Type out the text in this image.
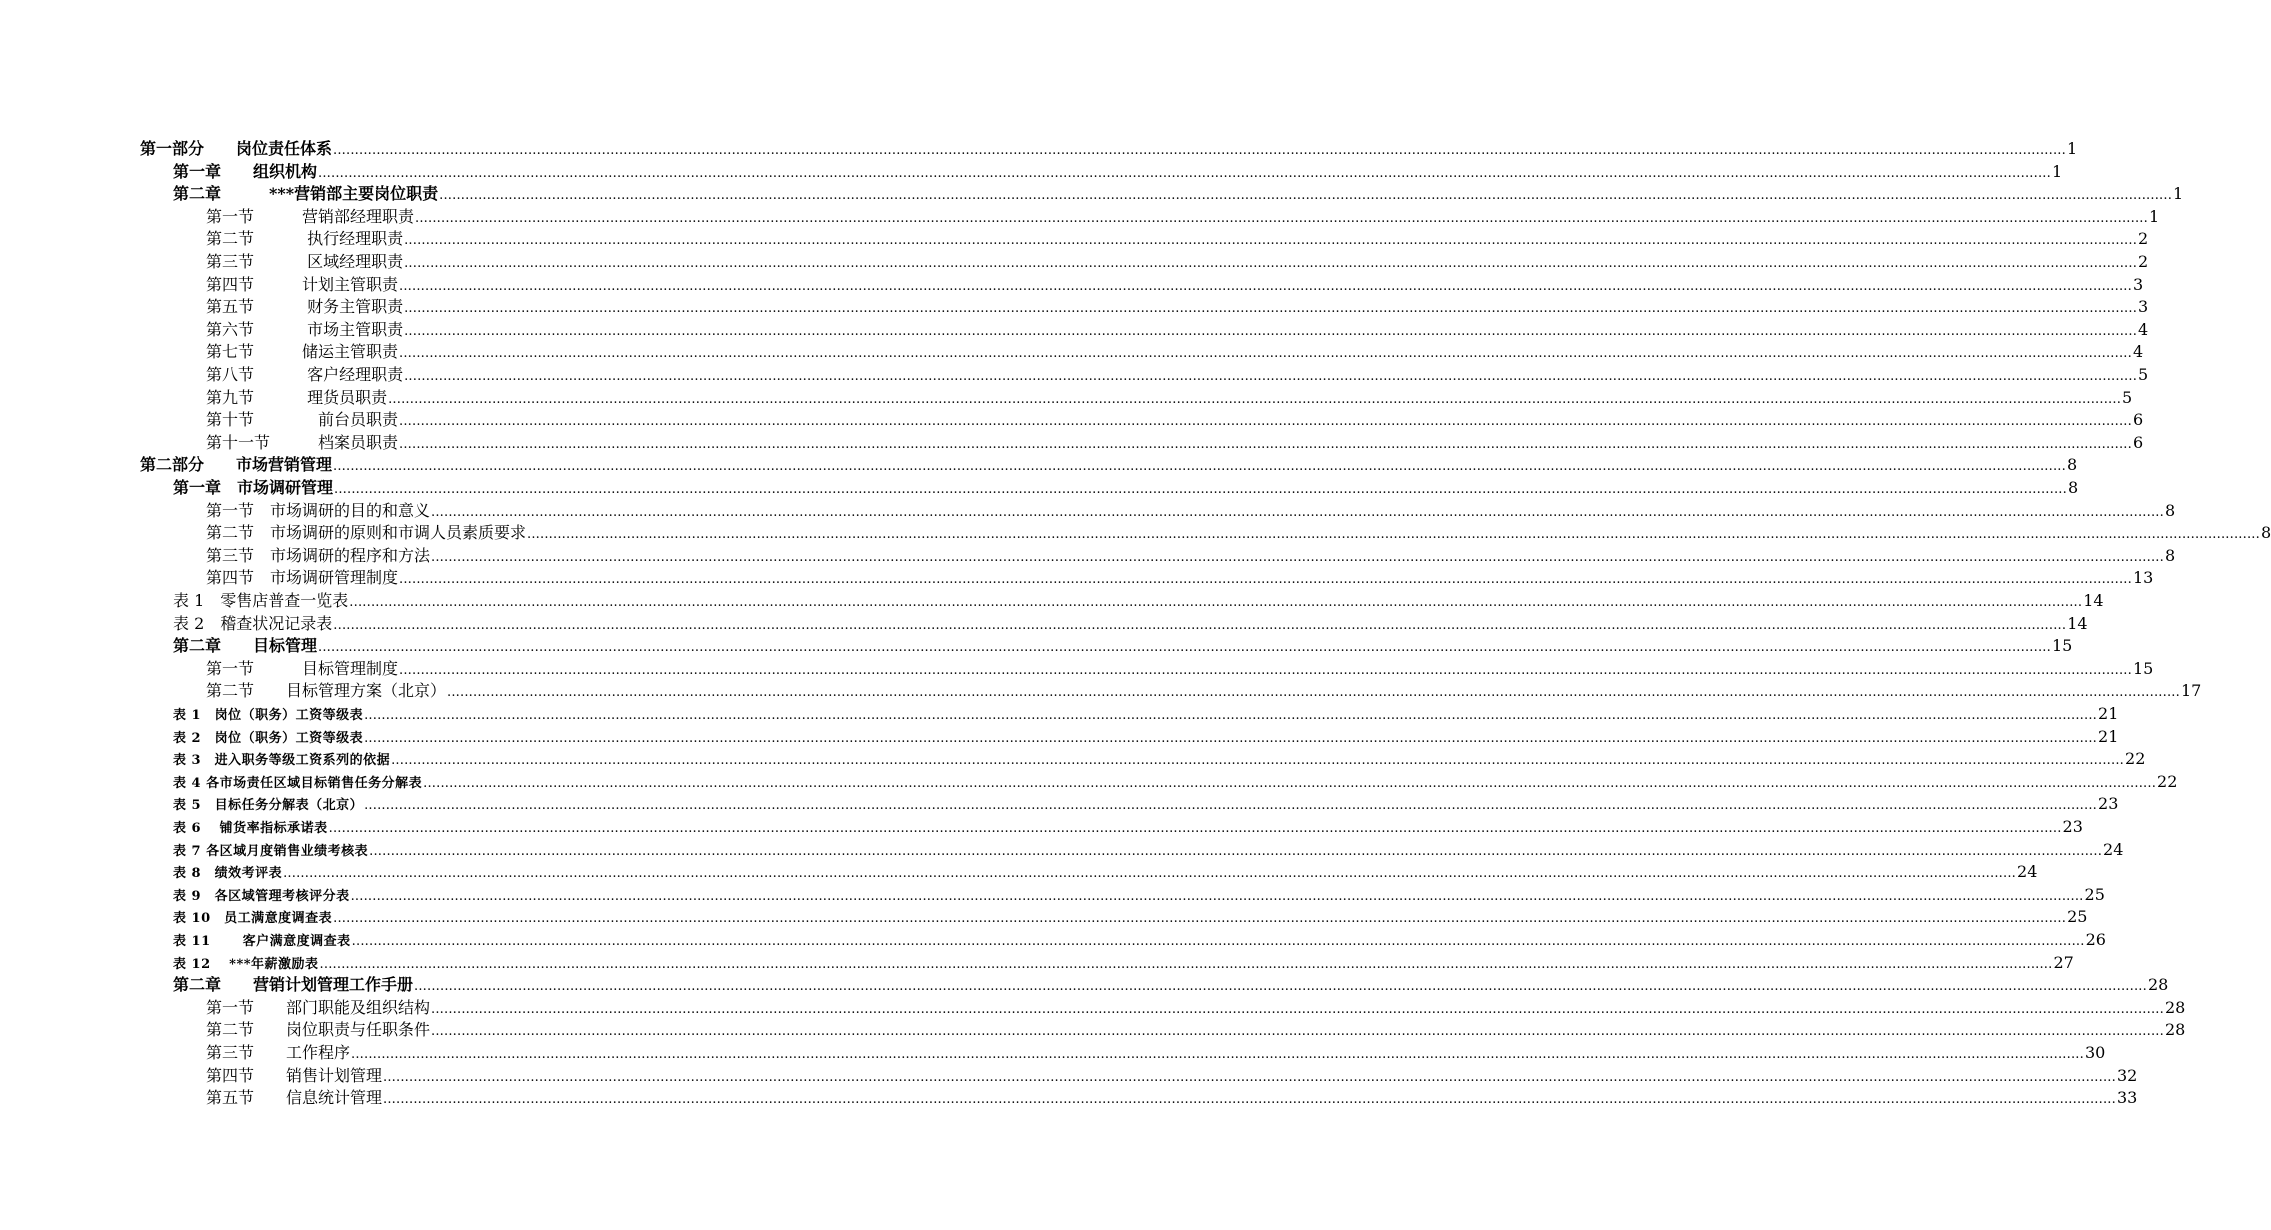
第一部分　　岗位责任体系 ................................................................................................................................................................................................................................................................................................................................................................................................................ 1
第一章　　组织机构 ................................................................................................................................................................................................................................................................................................................................................................................................................ 1
第二章　　　***营销部主要岗位职责 ................................................................................................................................................................................................................................................................................................................................................................................................................ 1
第一节　　　营销部经理职责 ................................................................................................................................................................................................................................................................................................................................................................................................................ 1
第二节　　　 执行经理职责 ................................................................................................................................................................................................................................................................................................................................................................................................................ 2
第三节　　　 区域经理职责 ................................................................................................................................................................................................................................................................................................................................................................................................................ 2
第四节　　　计划主管职责 ................................................................................................................................................................................................................................................................................................................................................................................................................ 3
第五节　　　 财务主管职责 ................................................................................................................................................................................................................................................................................................................................................................................................................ 3
第六节　　　 市场主管职责 ................................................................................................................................................................................................................................................................................................................................................................................................................ 4
第七节　　　储运主管职责 ................................................................................................................................................................................................................................................................................................................................................................................................................ 4
第八节　　　 客户经理职责 ................................................................................................................................................................................................................................................................................................................................................................................................................ 5
第九节　　　 理货员职责 ................................................................................................................................................................................................................................................................................................................................................................................................................ 5
第十节　　　　前台员职责 ................................................................................................................................................................................................................................................................................................................................................................................................................ 6
第十一节　　　档案员职责 ................................................................................................................................................................................................................................................................................................................................................................................................................ 6
第二部分　　市场营销管理 ................................................................................................................................................................................................................................................................................................................................................................................................................ 8
第一章　市场调研管理 ................................................................................................................................................................................................................................................................................................................................................................................................................ 8
第一节　市场调研的目的和意义 ................................................................................................................................................................................................................................................................................................................................................................................................................ 8
第二节　市场调研的原则和市调人员素质要求 ................................................................................................................................................................................................................................................................................................................................................................................................................ 8
第三节　市场调研的程序和方法 ................................................................................................................................................................................................................................................................................................................................................................................................................ 8
第四节　市场调研管理制度 ................................................................................................................................................................................................................................................................................................................................................................................................................ 13
表 1　零售店普查一览表 ................................................................................................................................................................................................................................................................................................................................................................................................................ 14
表 2　稽查状况记录表 ................................................................................................................................................................................................................................................................................................................................................................................................................ 14
第二章　　目标管理 ................................................................................................................................................................................................................................................................................................................................................................................................................ 15
第一节　　　目标管理制度 ................................................................................................................................................................................................................................................................................................................................................................................................................ 15
第二节　　目标管理方案（北京） ................................................................................................................................................................................................................................................................................................................................................................................................................ 17
表 1　岗位（职务）工资等级表 ................................................................................................................................................................................................................................................................................................................................................................................................................ 21
表 2　岗位（职务）工资等级表 ................................................................................................................................................................................................................................................................................................................................................................................................................ 21
表 3　进入职务等级工资系列的依据 ................................................................................................................................................................................................................................................................................................................................................................................................................ 22
表 4 各市场责任区域目标销售任务分解表 ................................................................................................................................................................................................................................................................................................................................................................................................................ 22
表 5　目标任务分解表（北京） ................................................................................................................................................................................................................................................................................................................................................................................................................ 23
表 6　 铺货率指标承诺表 ................................................................................................................................................................................................................................................................................................................................................................................................................ 23
表 7 各区域月度销售业绩考核表 ................................................................................................................................................................................................................................................................................................................................................................................................................ 24
表 8　绩效考评表 ................................................................................................................................................................................................................................................................................................................................................................................................................ 24
表 9　各区域管理考核评分表 ................................................................................................................................................................................................................................................................................................................................................................................................................ 25
表 10　员工满意度调查表 ................................................................................................................................................................................................................................................................................................................................................................................................................ 25
表 11　　 客户满意度调查表 ................................................................................................................................................................................................................................................................................................................................................................................................................ 26
表 12　 ***年薪激励表 ................................................................................................................................................................................................................................................................................................................................................................................................................ 27
第二章　　营销计划管理工作手册 ................................................................................................................................................................................................................................................................................................................................................................................................................ 28
第一节　　部门职能及组织结构 ................................................................................................................................................................................................................................................................................................................................................................................................................ 28
第二节　　岗位职责与任职条件 ................................................................................................................................................................................................................................................................................................................................................................................................................ 28
第三节　　工作程序 ................................................................................................................................................................................................................................................................................................................................................................................................................ 30
第四节　　销售计划管理 ................................................................................................................................................................................................................................................................................................................................................................................................................ 32
第五节　　信息统计管理 ................................................................................................................................................................................................................................................................................................................................................................................................................ 33
